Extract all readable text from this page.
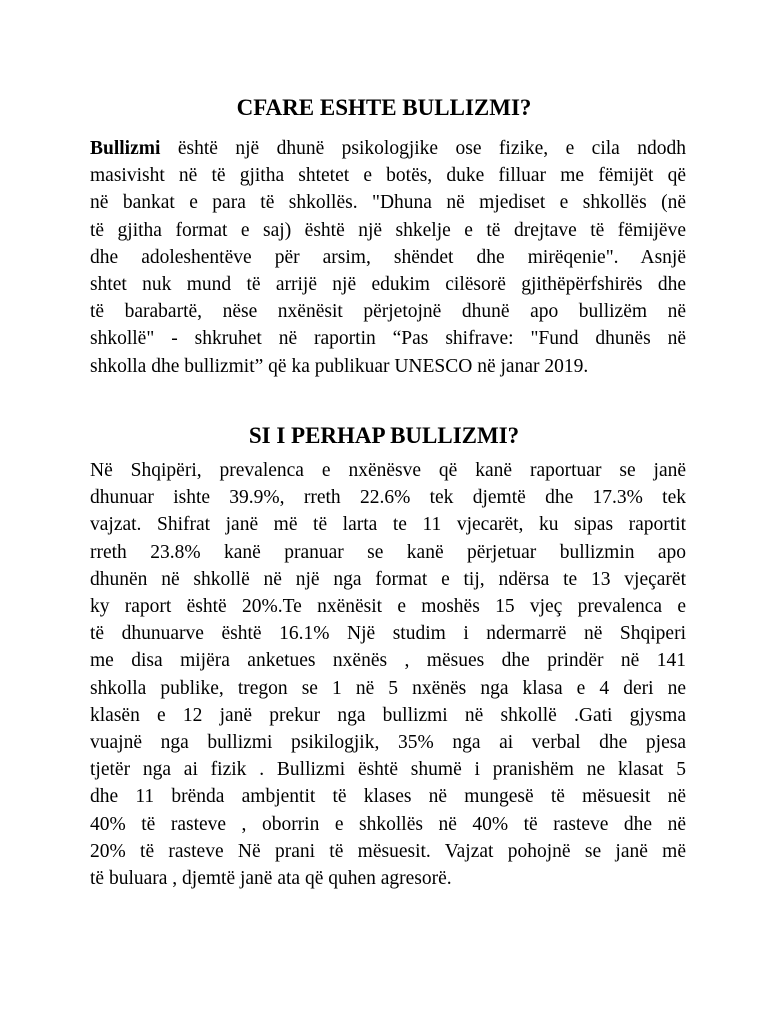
CFARE ESHTE BULLIZMI?
Bullizmi është një dhunë psikologjike ose fizike, e cila ndodh
masivisht në të gjitha shtetet e botës, duke filluar me fëmijët që
në bankat e para të shkollës. "Dhuna në mjediset e shkollës (në
të gjitha format e saj) është një shkelje e të drejtave të fëmijëve
dhe adoleshentëve për arsim, shëndet dhe mirëqenie". Asnjë
shtet nuk mund të arrijë një edukim cilësorë gjithëpërfshirës dhe
të barabartë, nëse nxënësit përjetojnë dhunë apo bullizëm në
shkollë" - shkruhet në raportin “Pas shifrave: "Fund dhunës në
shkolla dhe bullizmit” që ka publikuar UNESCO në janar 2019.
SI I PERHAP BULLIZMI?
Në Shqipëri, prevalenca e nxënësve që kanë raportuar se janë
dhunuar ishte 39.9%, rreth 22.6% tek djemtë dhe 17.3% tek
vajzat. Shifrat janë më të larta te 11 vjecarët, ku sipas raportit
rreth 23.8% kanë pranuar se kanë përjetuar bullizmin apo
dhunën në shkollë në një nga format e tij, ndërsa te 13 vjeçarët
ky raport është 20%.Te nxënësit e moshës 15 vjeç prevalenca e
të dhunuarve është 16.1% Një studim i ndermarrë në Shqiperi
me disa mijëra anketues nxënës , mësues dhe prindër në 141
shkolla publike, tregon se 1 në 5 nxënës nga klasa e 4 deri ne
klasën e 12 janë prekur nga bullizmi në shkollë .Gati gjysma
vuajnë nga bullizmi psikilogjik, 35% nga ai verbal dhe pjesa
tjetër nga ai fizik . Bullizmi është shumë i pranishëm ne klasat 5
dhe 11 brënda ambjentit të klases në mungesë të mësuesit në
40% të rasteve , oborrin e shkollës në 40% të rasteve dhe në
20% të rasteve Në prani të mësuesit. Vajzat pohojnë se janë më
të buluara , djemtë janë ata që quhen agresorë.
